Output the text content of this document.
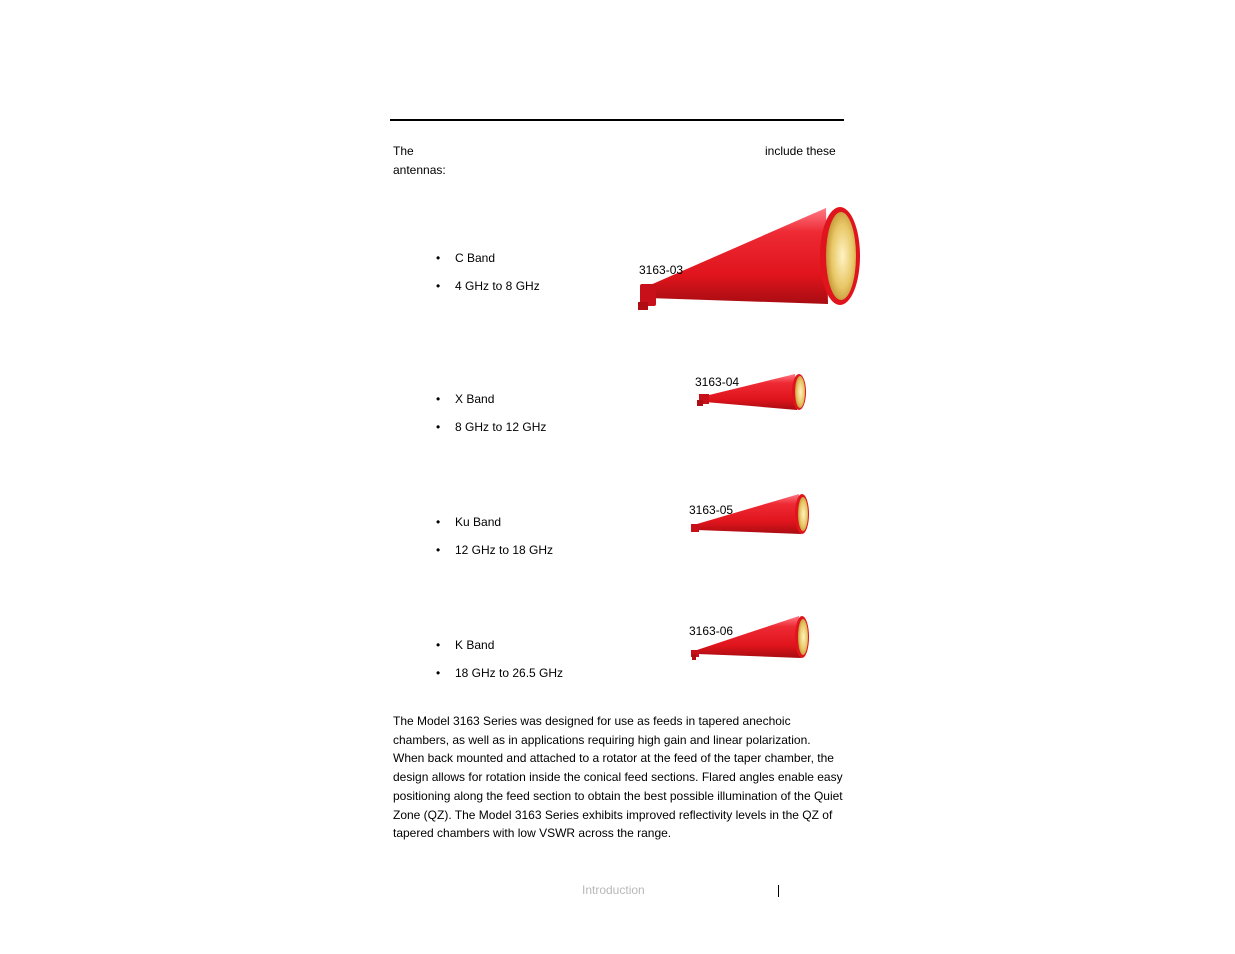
The
antennas:
include these
•	C Band
•	4 GHz to 8 GHz
•	X Band
•	8 GHz to 12 GHz
•	Ku Band
•	12 GHz to 18 GHz
•	K Band
•	18 GHz to 26.5 GHz
3163-03
3163-04
3163-05
3163-06
The Model 3163 Series was designed for use as feeds in tapered anechoic chambers, as well as in applications requiring high gain and linear polarization. When back mounted and attached to a rotator at the feed of the taper chamber, the design allows for rotation inside the conical feed sections. Flared angles enable easy positioning along the feed section to obtain the best possible illumination of the Quiet Zone (QZ). The Model 3163 Series exhibits improved reflectivity levels in the QZ of tapered chambers with low VSWR across the range.
Introduction
